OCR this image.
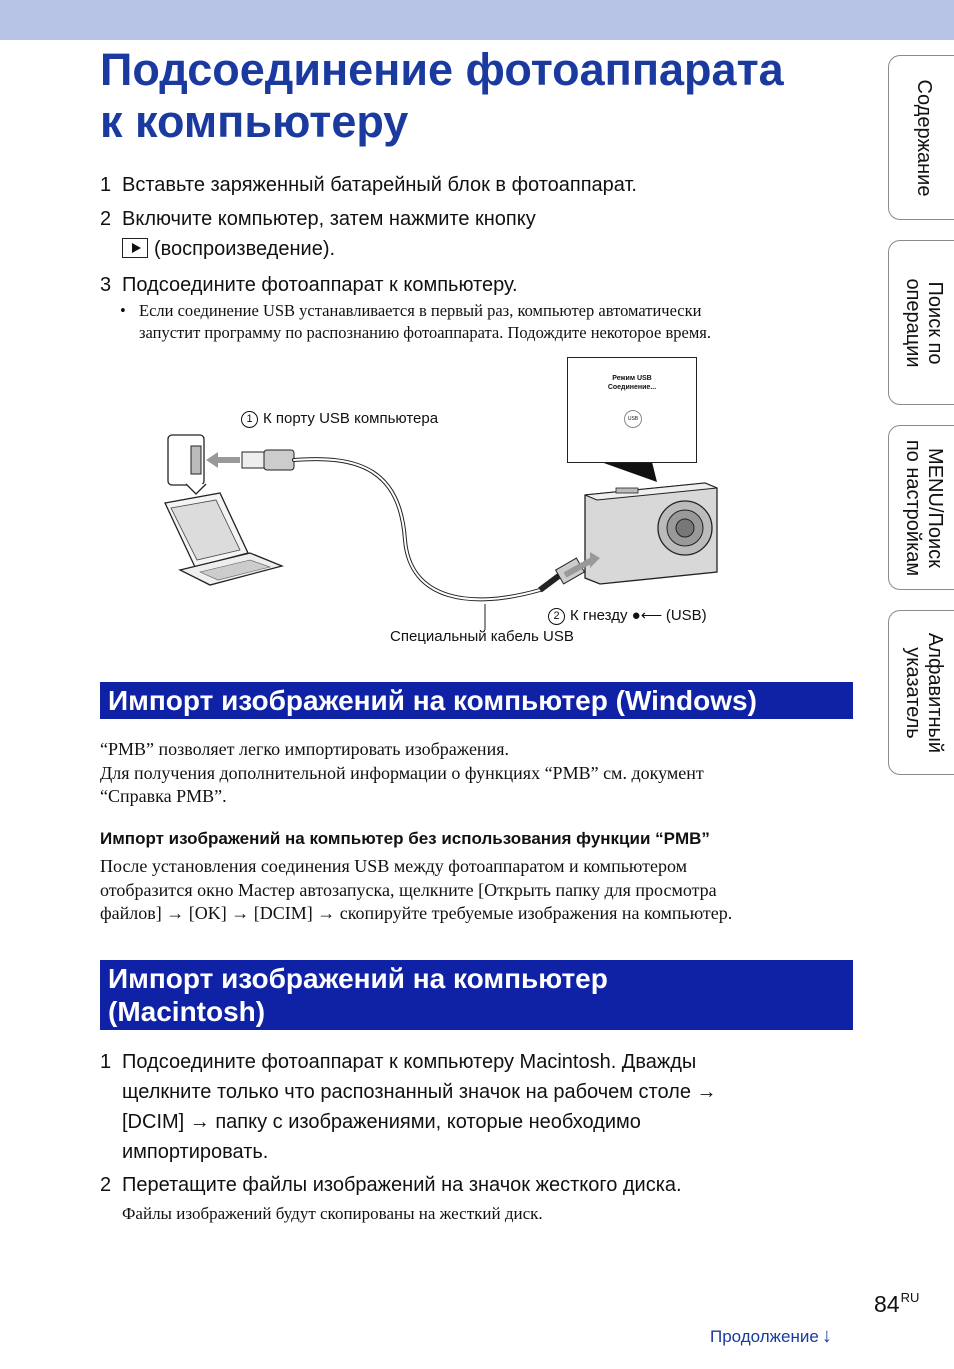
Подсоединение фотоаппарата
к компьютеру
1 Вставьте заряженный батарейный блок в фотоаппарат.
2 Включите компьютер, затем нажмите кнопку
(воспроизведение).
3 Подсоедините фотоаппарат к компьютеру.
• Если соединение USB устанавливается в первый раз, компьютер автоматически
запустит программу по распознанию фотоаппарата. Подождите некоторое время.
Режим USB
Соединение...
USB
1 К порту USB компьютера
2 К гнезду ●⟵ (USB)
Специальный кабель USB
Импорт изображений на компьютер (Windows)

“PMB” позволяет легко импортировать изображения.
Для получения дополнительной информации о функциях “PMB” см. документ
“Справка PMB”.

Импорт изображений на компьютер без использования функции “PMB”

После установления соединения USB между фотоаппаратом и компьютером
отобразится окно Мастер автозапуска, щелкните [Открыть папку для просмотра
файлов] → [OK] → [DCIM] → скопируйте требуемые изображения на компьютер.

Импорт изображений на компьютер
(Macintosh)
1 Подсоедините фотоаппарат к компьютеру Macintosh. Дважды
щелкните только что распознанный значок на рабочем столе →
[DCIM] → папку с изображениями, которые необходимо
импортировать.
2 Перетащите файлы изображений на значок жесткого диска.
Файлы изображений будут скопированы на жесткий диск.
Содержание
Поиск по
операции
MENU/Поиск
по настройкам
Алфавитный
указатель
$84^{RU}$
Продолжение ↓
